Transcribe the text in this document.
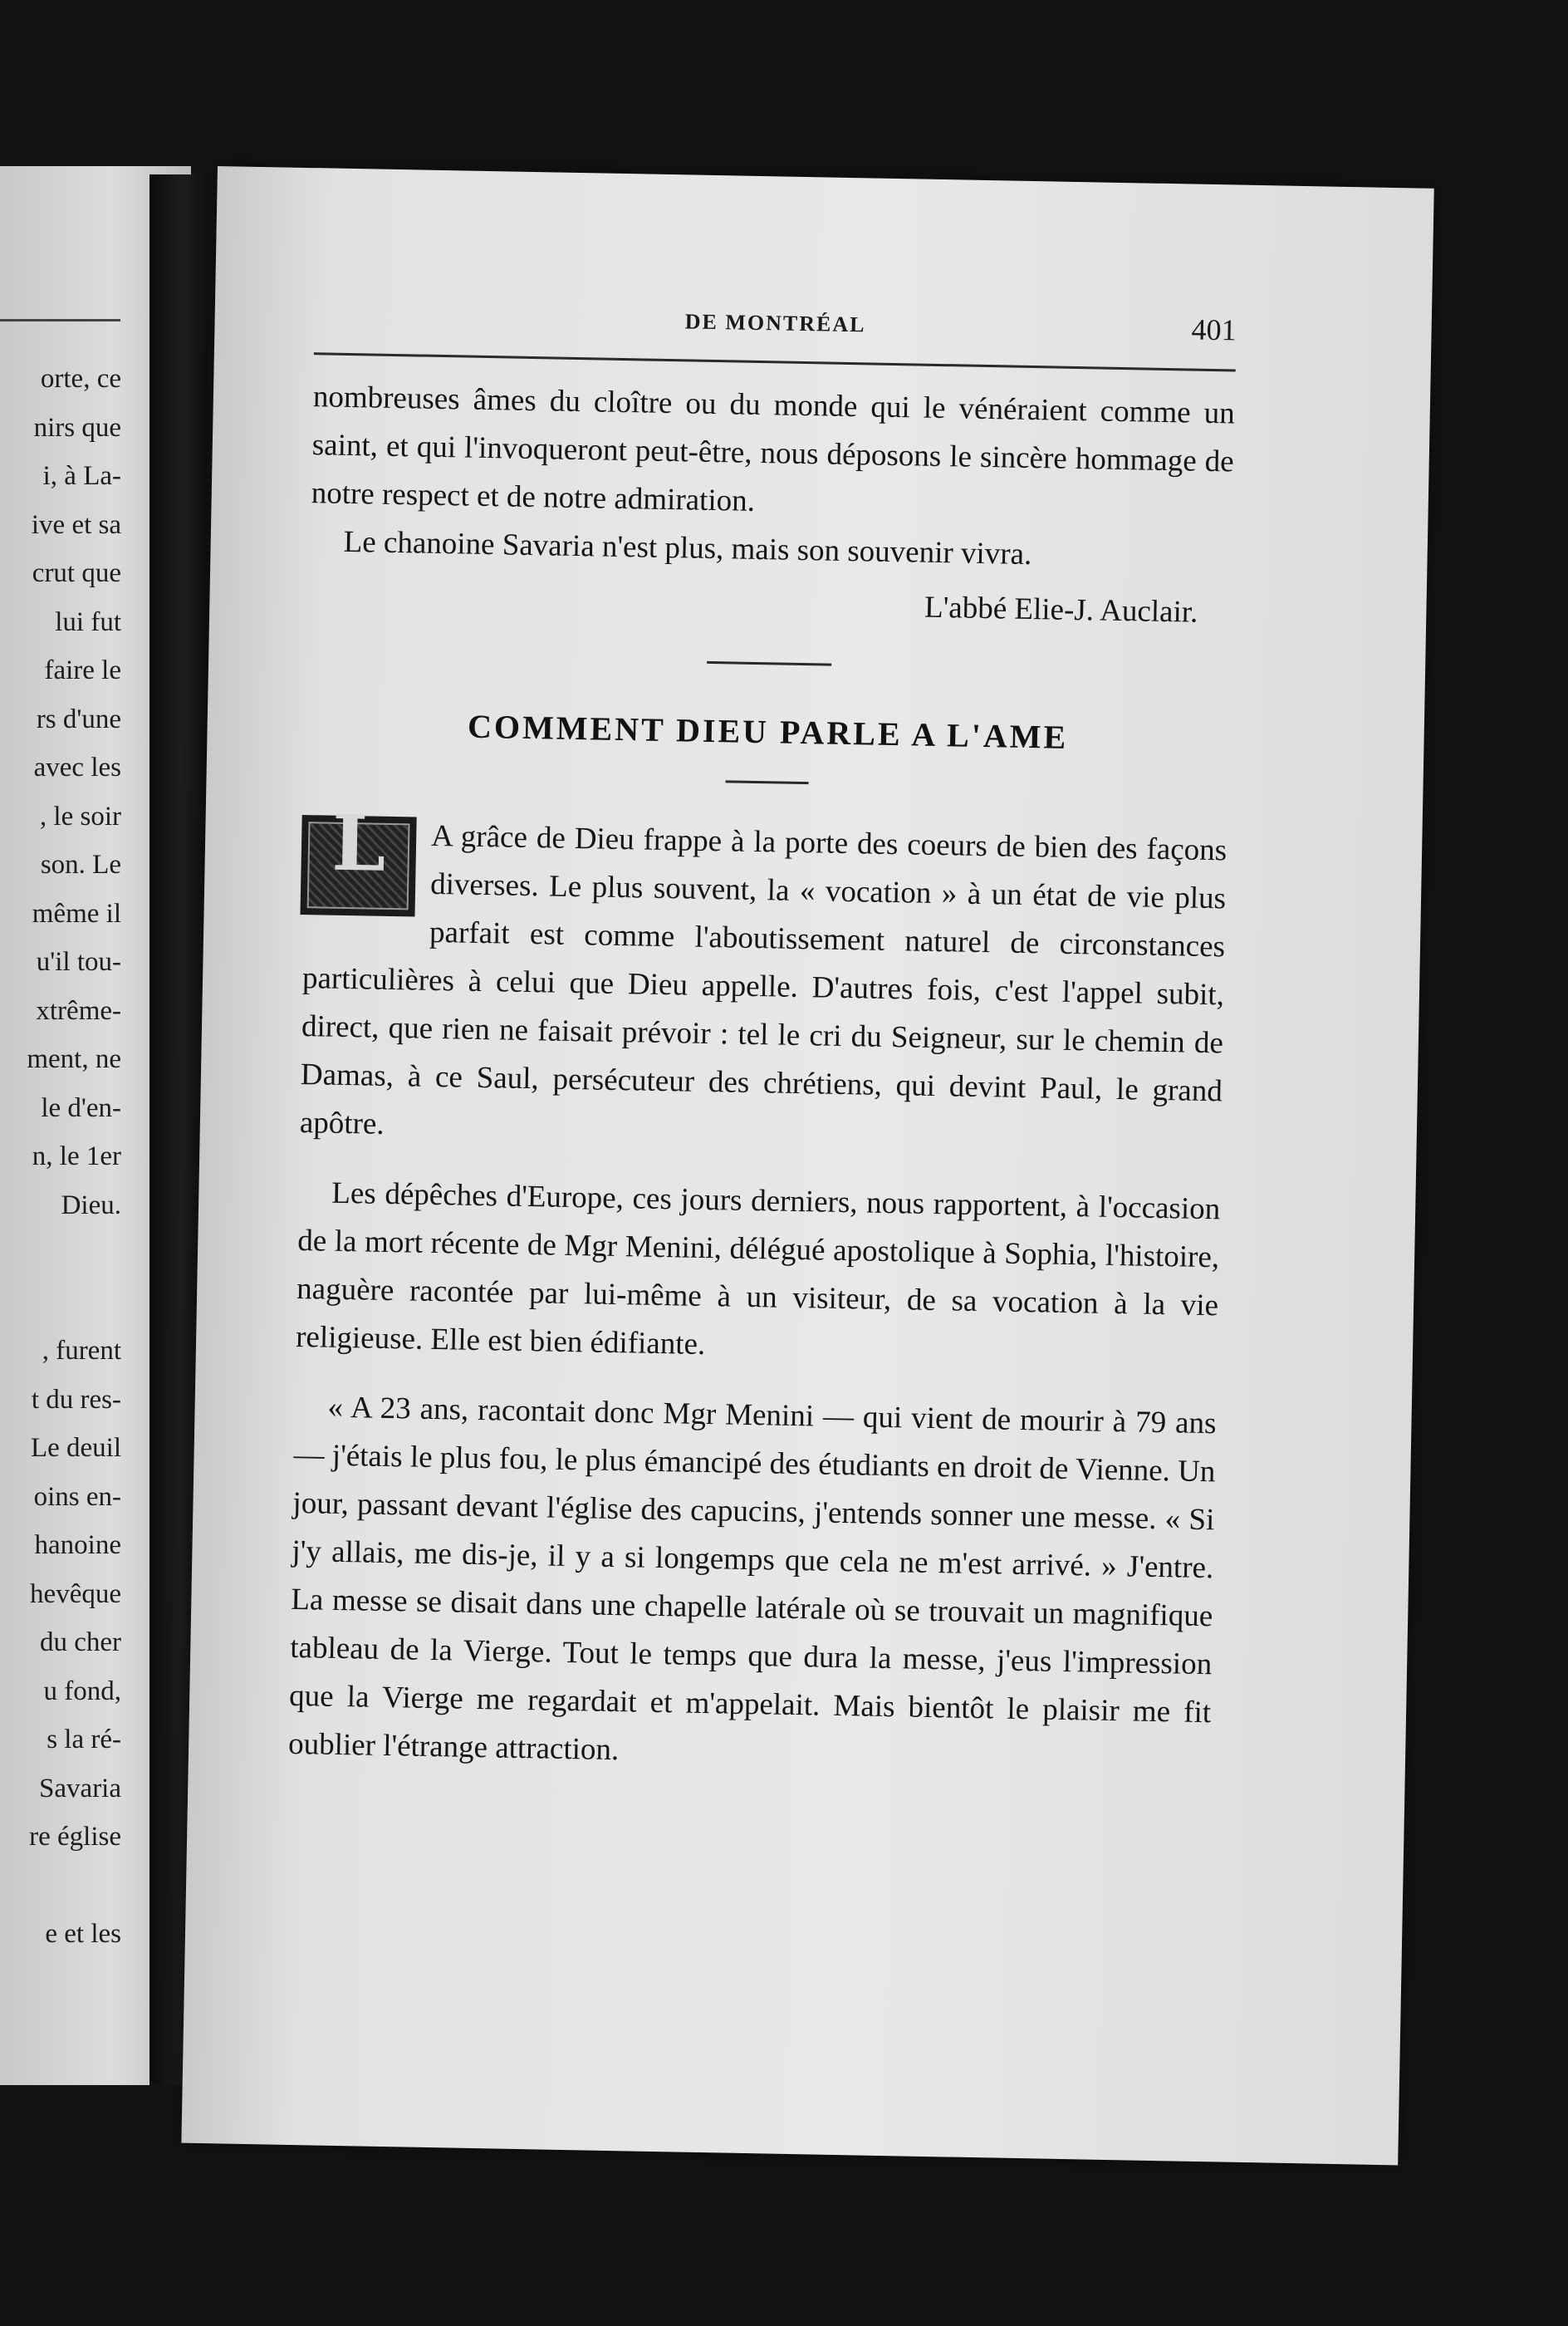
orte, ce
nirs que
i, à La-
ive et sa
crut que
lui fut
faire le
rs d'une
avec les
, le soir
son. Le
même il
u'il tou-
xtrême-
ment, ne
le d'en-
n, le 1er
Dieu.
, furent
t du res-
Le deuil
oins en-
hanoine
hevêque
du cher
u fond,
s la ré-
Savaria
re église
e et les
DE MONTRÉAL	401

nombreuses âmes du cloître ou du monde qui le vénéraient comme un saint, et qui l'invoqueront peut-être, nous déposons le sincère hommage de notre respect et de notre admiration.

Le chanoine Savaria n'est plus, mais son souvenir vivra.

L'abbé Elie-J. Auclair.
COMMENT DIEU PARLE A L'AME

L	A grâce de Dieu frappe à la porte des coeurs de bien des façons diverses. Le plus souvent, la « vocation » à un état de vie plus parfait est comme l'aboutissement naturel de circonstances particulières à celui que Dieu appelle. D'autres fois, c'est l'appel subit, direct, que rien ne faisait prévoir : tel le cri du Seigneur, sur le chemin de Damas, à ce Saul, persécuteur des chrétiens, qui devint Paul, le grand apôtre.

Les dépêches d'Europe, ces jours derniers, nous rapportent, à l'occasion de la mort récente de Mgr Menini, délégué apostolique à Sophia, l'histoire, naguère racontée par lui-même à un visiteur, de sa vocation à la vie religieuse. Elle est bien édifiante.

« A 23 ans, racontait donc Mgr Menini — qui vient de mourir à 79 ans — j'étais le plus fou, le plus émancipé des étudiants en droit de Vienne. Un jour, passant devant l'église des capucins, j'entends sonner une messe. « Si j'y allais, me dis-je, il y a si longemps que cela ne m'est arrivé. » J'entre. La messe se disait dans une chapelle latérale où se trouvait un magnifique tableau de la Vierge. Tout le temps que dura la messe, j'eus l'impression que la Vierge me regardait et m'appelait. Mais bientôt le plaisir me fit oublier l'étrange attraction.
